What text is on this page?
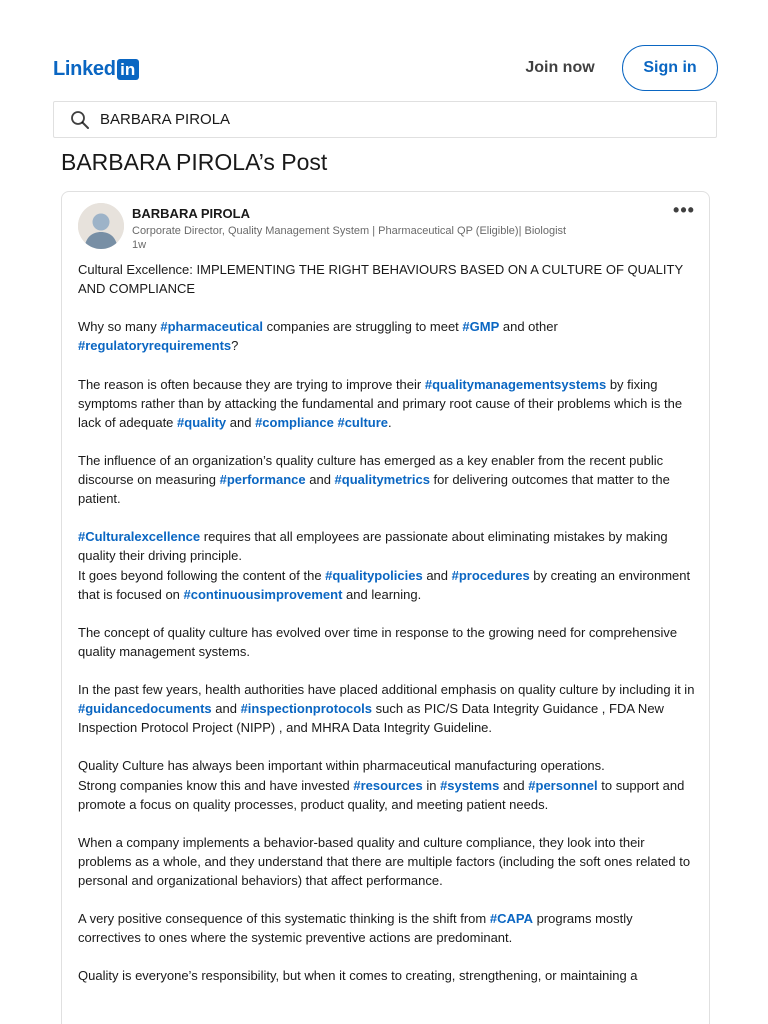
Linked in	Join now	Sign in
BARBARA PIROLA
BARBARA PIROLA’s Post
BARBARA PIROLA
Corporate Director, Quality Management System | Pharmaceutical QP (Eligible)| Biologist
1w
•••

Cultural Excellence: IMPLEMENTING THE RIGHT BEHAVIOURS BASED ON A CULTURE OF QUALITY AND COMPLIANCE

Why so many #pharmaceutical companies are struggling to meet #GMP and other #regulatoryrequirements?

The reason is often because they are trying to improve their #qualitymanagementsystems by fixing symptoms rather than by attacking the fundamental and primary root cause of their problems which is the lack of adequate #quality and #compliance #culture.

The influence of an organization’s quality culture has emerged as a key enabler from the recent public discourse on measuring #performance and #qualitymetrics for delivering outcomes that matter to the patient.

#Culturalexcellence requires that all employees are passionate about eliminating mistakes by making quality their driving principle.
It goes beyond following the content of the #qualitypolicies and #procedures by creating an environment that is focused on #continuousimprovement and learning.

The concept of quality culture has evolved over time in response to the growing need for comprehensive quality management systems.

In the past few years, health authorities have placed additional emphasis on quality culture by including it in #guidancedocuments and #inspectionprotocols such as PIC/S Data Integrity Guidance , FDA New Inspection Protocol Project (NIPP) , and MHRA Data Integrity Guideline.

Quality Culture has always been important within pharmaceutical manufacturing operations.
Strong companies know this and have invested #resources in #systems and #personnel to support and promote a focus on quality processes, product quality, and meeting patient needs.

When a company implements a behavior-based quality and culture compliance, they look into their problems as a whole, and they understand that there are multiple factors (including the soft ones related to personal and organizational behaviors) that affect performance.

A very positive consequence of this systematic thinking is the shift from #CAPA programs mostly correctives to ones where the systemic preventive actions are predominant.

Quality is everyone’s responsibility, but when it comes to creating, strengthening, or maintaining a
